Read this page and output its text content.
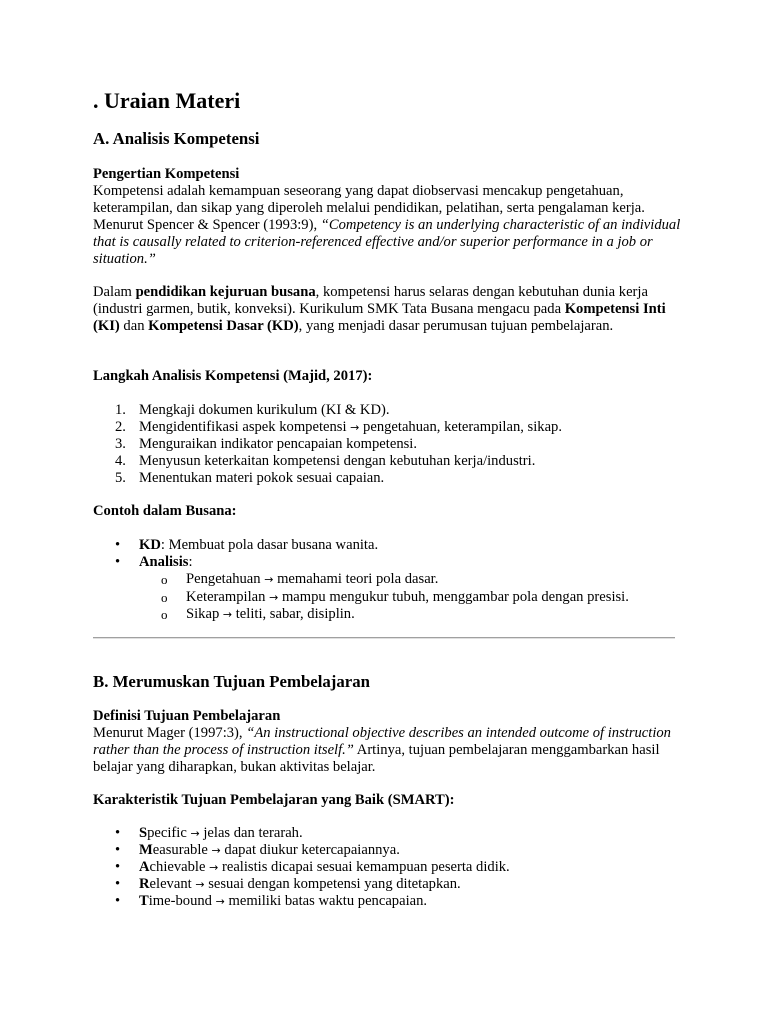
. Uraian Materi
A. Analisis Kompetensi
Pengertian Kompetensi

Kompetensi adalah kemampuan seseorang yang dapat diobservasi mencakup pengetahuan, keterampilan, dan sikap yang diperoleh melalui pendidikan, pelatihan, serta pengalaman kerja. Menurut Spencer & Spencer (1993:9), “Competency is an underlying characteristic of an individual that is causally related to criterion-referenced effective and/or superior performance in a job or situation.”

Dalam pendidikan kejuruan busana, kompetensi harus selaras dengan kebutuhan dunia kerja (industri garmen, butik, konveksi). Kurikulum SMK Tata Busana mengacu pada Kompetensi Inti (KI) dan Kompetensi Dasar (KD), yang menjadi dasar perumusan tujuan pembelajaran.

Langkah Analisis Kompetensi (Majid, 2017):
1. Mengkaji dokumen kurikulum (KI & KD).
2. Mengidentifikasi aspek kompetensi → pengetahuan, keterampilan, sikap.
3. Menguraikan indikator pencapaian kompetensi.
4. Menyusun keterkaitan kompetensi dengan kebutuhan kerja/industri.
5. Menentukan materi pokok sesuai capaian.
Contoh dalam Busana:
• KD: Membuat pola dasar busana wanita.
• Analisis:
o Pengetahuan → memahami teori pola dasar.
o Keterampilan → mampu mengukur tubuh, menggambar pola dengan presisi.
o Sikap → teliti, sabar, disiplin.
B. Merumuskan Tujuan Pembelajaran
Definisi Tujuan Pembelajaran

Menurut Mager (1997:3), “An instructional objective describes an intended outcome of instruction rather than the process of instruction itself.” Artinya, tujuan pembelajaran menggambarkan hasil belajar yang diharapkan, bukan aktivitas belajar.

Karakteristik Tujuan Pembelajaran yang Baik (SMART):
• Specific → jelas dan terarah.
• Measurable → dapat diukur ketercapaiannya.
• Achievable → realistis dicapai sesuai kemampuan peserta didik.
• Relevant → sesuai dengan kompetensi yang ditetapkan.
• Time-bound → memiliki batas waktu pencapaian.
